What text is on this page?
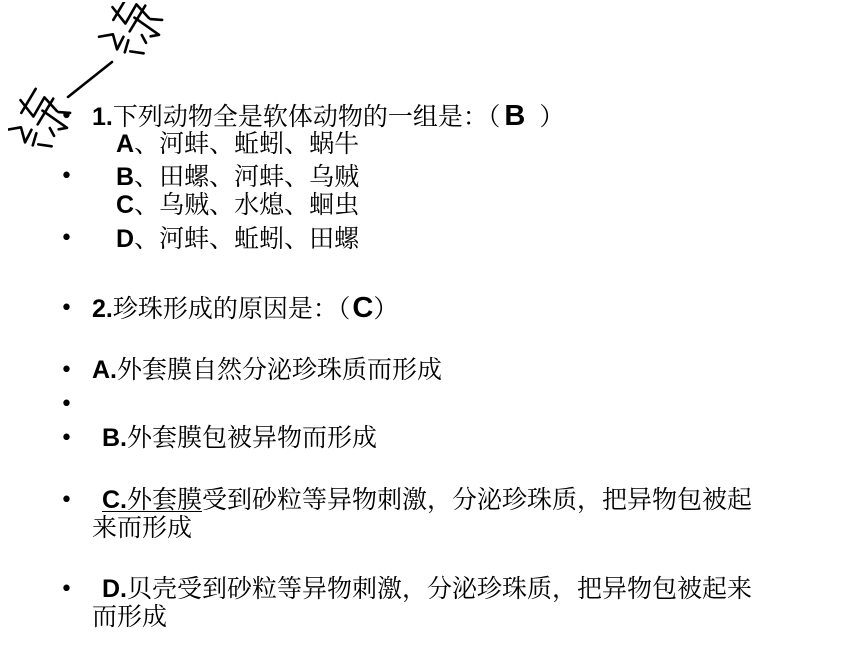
• 1.下列动物全是软体动物的一组是：（ B ）
A、河蚌、蚯蚓、蜗牛
• B、田螺、河蚌、乌贼
C、乌贼、水熄、蛔虫
• D、河蚌、蚯蚓、田螺
• 2.珍珠形成的原因是：（C）
• A.外套膜自然分泌珍珠质而形成
•
• B.外套膜包被异物而形成
• C.外套膜受到砂粒等异物刺激，分泌珍珠质，把异物包被起
来而形成
• D.贝壳受到砂粒等异物刺激，分泌珍珠质，把异物包被起来
而形成
